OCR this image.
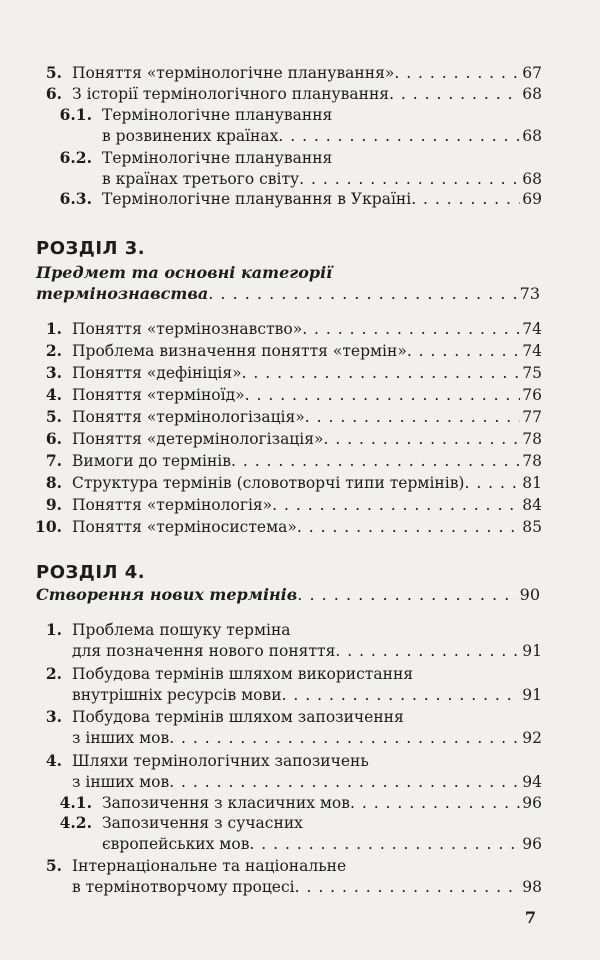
5. Поняття «термінологічне планування» . . .	67
6. З історії термінологічного планування . . .	68
6.1. Термінологічне планування
в розвинених країнах . . .	68
6.2. Термінологічне планування
в країнах третього світу . . .	68
6.3. Термінологічне планування в Україні . . .	69
РОЗДІЛ 3.
Предмет та основні категорії
термінознавства . . .	73
1. Поняття «термінознавство» . . .	74
2. Проблема визначення поняття «термін» . . .	74
3. Поняття «дефініція» . . .	75
4. Поняття «терміноїд» . . .	76
5. Поняття «термінологізація» . . .	77
6. Поняття «детермінологізація» . . .	78
7. Вимоги до термінів . . .	78
8. Структура термінів (словотворчі типи термінів) . . .	81
9. Поняття «термінологія» . . .	84
10. Поняття «терміносистема» . . .	85
РОЗДІЛ 4.
Створення нових термінів . . .	90
1. Проблема пошуку терміна
для позначення нового поняття . . .	91
2. Побудова термінів шляхом використання
внутрішніх ресурсів мови . . .	91
3. Побудова термінів шляхом запозичення
з інших мов . . .	92
4. Шляхи термінологічних запозичень
з інших мов . . .	94
4.1. Запозичення з класичних мов . . .	96
4.2. Запозичення з сучасних
європейських мов . . .	96
5. Інтернаціональне та національне
в термінотворчому процесі . . .	98
7
